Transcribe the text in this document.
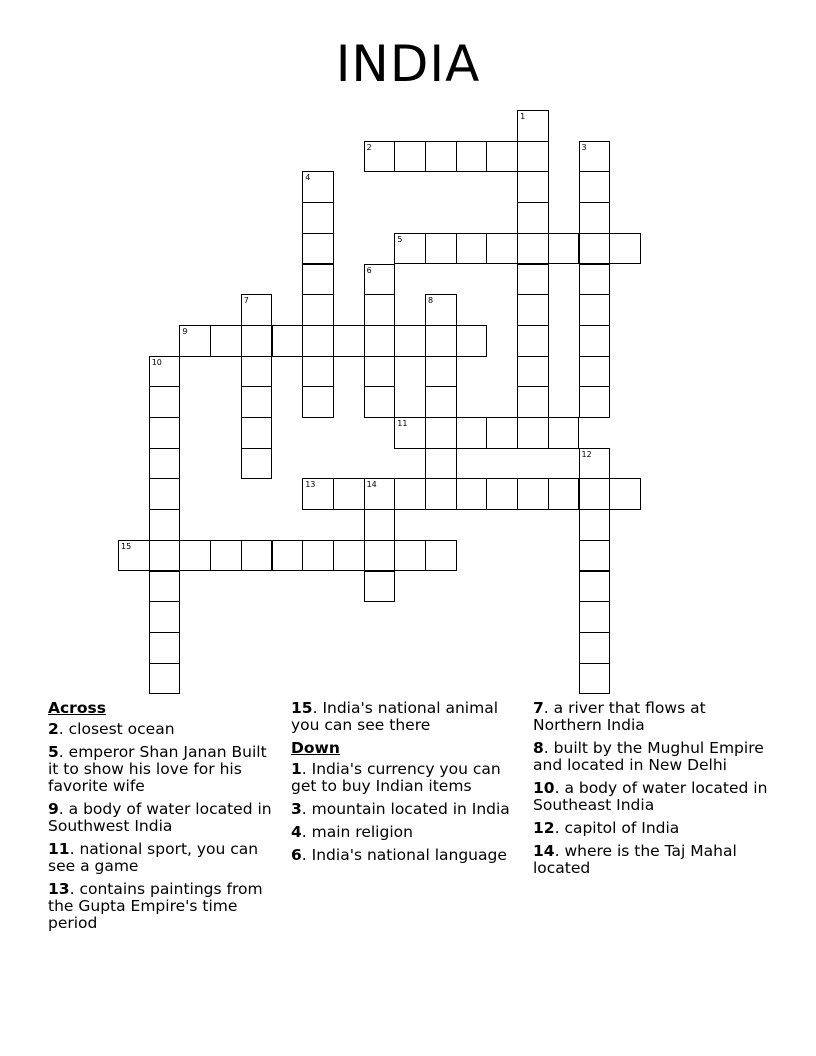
INDIA
1
2	3
4
5
6
7	8
9
10
11
12
13	14
15
Across
2. closest ocean
5. emperor Shan Janan Built it to show his love for his favorite wife
9. a body of water located in Southwest India
11. national sport, you can see a game
13. contains paintings from the Gupta Empire's time period
15. India's national animal you can see there
Down
1. India's currency you can get to buy Indian items
3. mountain located in India
4. main religion
6. India's national language
7. a river that flows at Northern India
8. built by the Mughul Empire and located in New Delhi
10. a body of water located in Southeast India
12. capitol of India
14. where is the Taj Mahal located
